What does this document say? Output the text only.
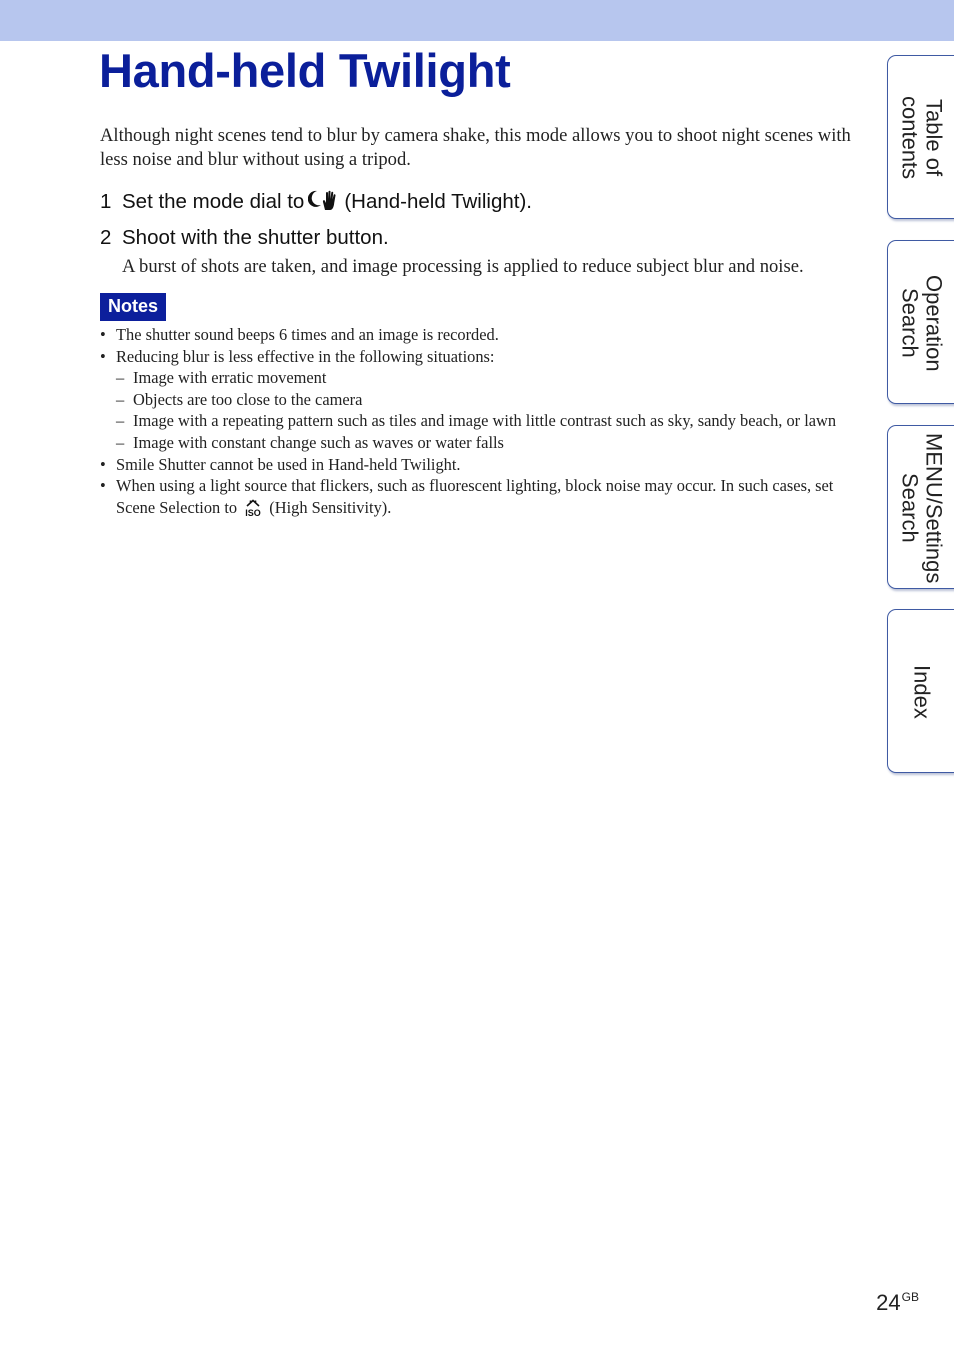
Hand-held Twilight

Although night scenes tend to blur by camera shake, this mode allows you to shoot night scenes with less noise and blur without using a tripod.

1 Set the mode dial to (Hand-held Twilight).

2 Shoot with the shutter button.

A burst of shots are taken, and image processing is applied to reduce subject blur and noise.

Notes
• The shutter sound beeps 6 times and an image is recorded.
• Reducing blur is less effective in the following situations:
– Image with erratic movement
– Objects are too close to the camera
– Image with a repeating pattern such as tiles and image with little contrast such as sky, sandy beach, or lawn
– Image with constant change such as waves or water falls
• Smile Shutter cannot be used in Hand-held Twilight.
• When using a light source that flickers, such as fluorescent lighting, block noise may occur. In such cases, set Scene Selection to ISO (High Sensitivity).
Table of
contents
Operation
Search
MENU/Settings
Search
Index
$24^{GB}$
